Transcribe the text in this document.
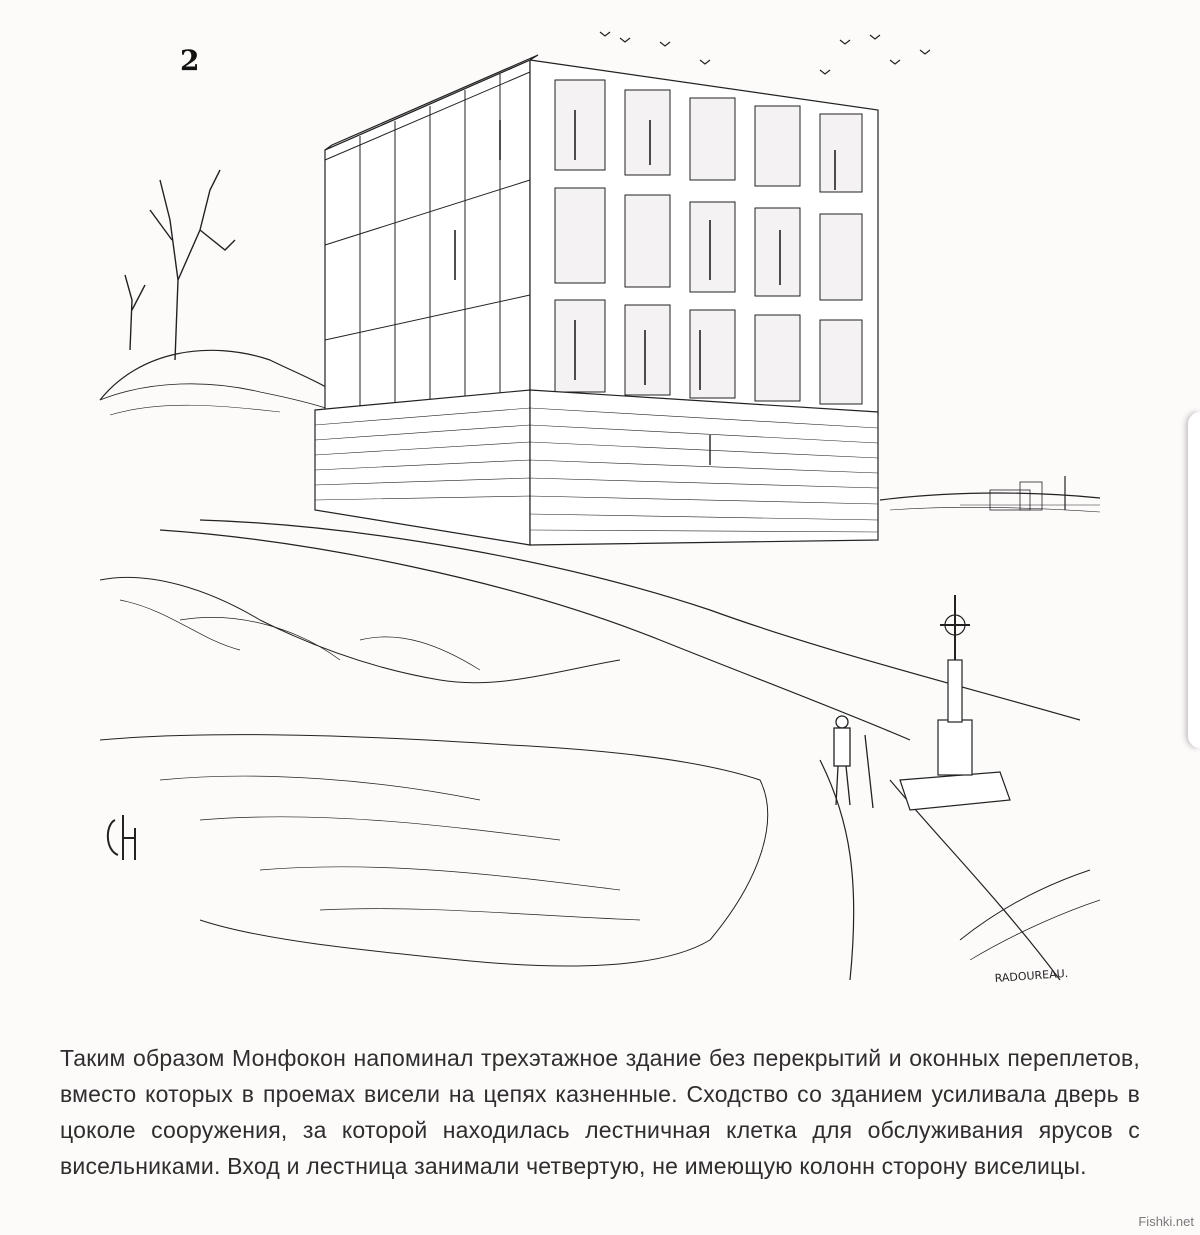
RADOUREAU.
2
Таким образом Монфокон напоминал трехэтажное здание без перекрытий и оконных переплетов, вместо которых в проемах висели на цепях казненные. Сходство со зданием усиливала дверь в цоколе сооружения, за которой находилась лестничная клетка для обслуживания ярусов с висельниками. Вход и лестница занимали четвертую, не имеющую колонн сторону виселицы.
Fishki.net
